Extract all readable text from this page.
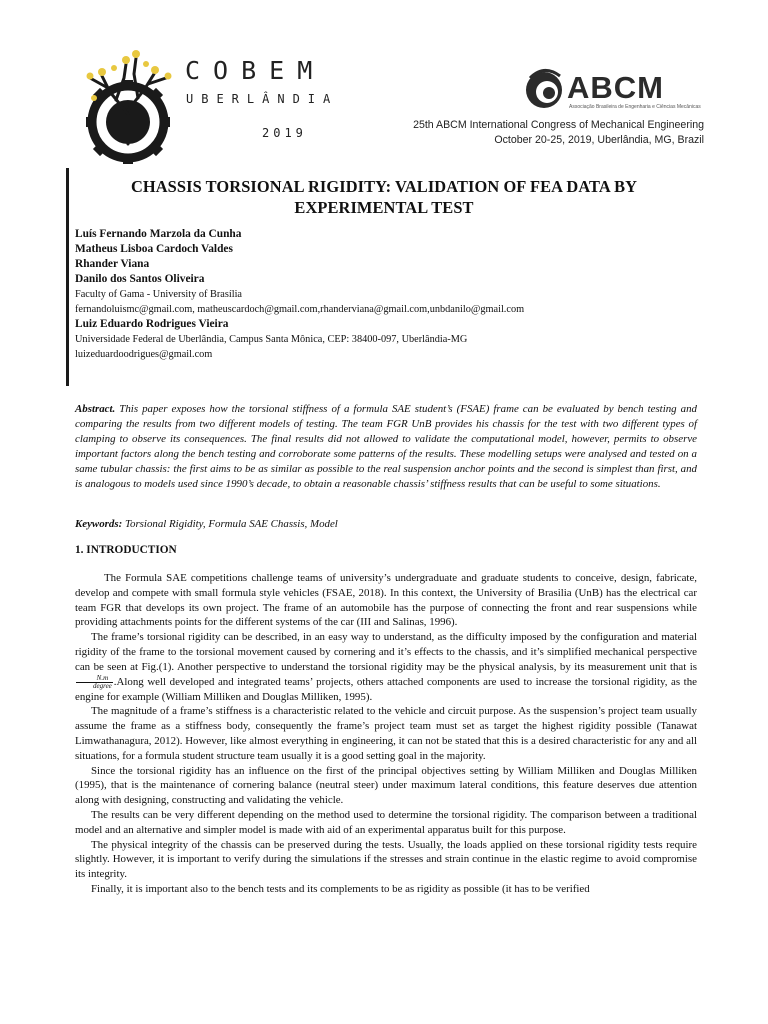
COBEM
UBERLÂNDIA
2019
ABCM
Associação Brasileira de Engenharia e Ciências Mecânicas
25th ABCM International Congress of Mechanical Engineering
October 20-25, 2019, Uberlândia, MG, Brazil
CHASSIS TORSIONAL RIGIDITY: VALIDATION OF FEA DATA BY
EXPERIMENTAL TEST
Luís Fernando Marzola da Cunha
Matheus Lisboa Cardoch Valdes
Rhander Viana
Danilo dos Santos Oliveira
Faculty of Gama - University of Brasília
fernandoluismc@gmail.com, matheuscardoch@gmail.com,rhanderviana@gmail.com,unbdanilo@gmail.com
Luiz Eduardo Rodrigues Vieira
Universidade Federal de Uberlândia, Campus Santa Mônica, CEP: 38400-097, Uberlândia-MG
luizeduardoodrigues@gmail.com
Abstract. This paper exposes how the torsional stiffness of a formula SAE student’s (FSAE) frame can be evaluated by bench testing and comparing the results from two different models of testing. The team FGR UnB provides his chassis for the test with two different types of clamping to observe its consequences. The final results did not allowed to validate the computational model, however, permits to observe important factors along the bench testing and corroborate some patterns of the results. These modelling setups were analysed and tested on a same tubular chassis: the first aims to be as similar as possible to the real suspension anchor points and the second is simplest than first, and is analogous to models used since 1990’s decade, to obtain a reasonable chassis’ stiffness results that can be useful to some situations.
Keywords: Torsional Rigidity, Formula SAE Chassis, Model
1. INTRODUCTION

The Formula SAE competitions challenge teams of university’s undergraduate and graduate students to conceive, design, fabricate, develop and compete with small formula style vehicles (FSAE, 2018). In this context, the University of Brasilia (UnB) has the electrical car team FGR that develops its own project. The frame of an automobile has the purpose of connecting the front and rear suspensions while providing attachments points for the different systems of the car (III and Salinas, 1996).

The frame’s torsional rigidity can be described, in an easy way to understand, as the difficulty imposed by the configuration and material rigidity of the frame to the torsional movement caused by cornering and it’s effects to the chassis, and it’s simplified mechanical perspective can be seen at Fig.(1). Another perspective to understand the torsional rigidity may be the physical analysis, by its measurement unit that is
$\frac{N.m}{\text{degree}}$ .Along well developed and integrated teams’ projects, others attached components are used to increase the torsional rigidity, as the engine for example (William Milliken and Douglas Milliken, 1995).

The magnitude of a frame’s stiffness is a characteristic related to the vehicle and circuit purpose. As the suspension’s project team usually assume the frame as a stiffness body, consequently the frame’s project team must set as target the highest rigidity possible (Tanawat Limwathanagura, 2012). However, like almost everything in engineering, it can not be stated that this is a desired characteristic for any and all situations, for a formula student structure team usually it is a good setting goal in the majority.

Since the torsional rigidity has an influence on the first of the principal objectives setting by William Milliken and Douglas Milliken (1995), that is the maintenance of cornering balance (neutral steer) under maximum lateral conditions, this feature deserves due attention along with designing, constructing and validating the vehicle.

The results can be very different depending on the method used to determine the torsional rigidity. The comparison between a traditional model and an alternative and simpler model is made with aid of an experimental apparatus built for this purpose.

The physical integrity of the chassis can be preserved during the tests. Usually, the loads applied on these torsional rigidity tests require slightly. However, it is important to verify during the simulations if the stresses and strain continue in the elastic regime to avoid compromise its integrity.

Finally, it is important also to the bench tests and its complements to be as rigidity as possible (it has to be verified
